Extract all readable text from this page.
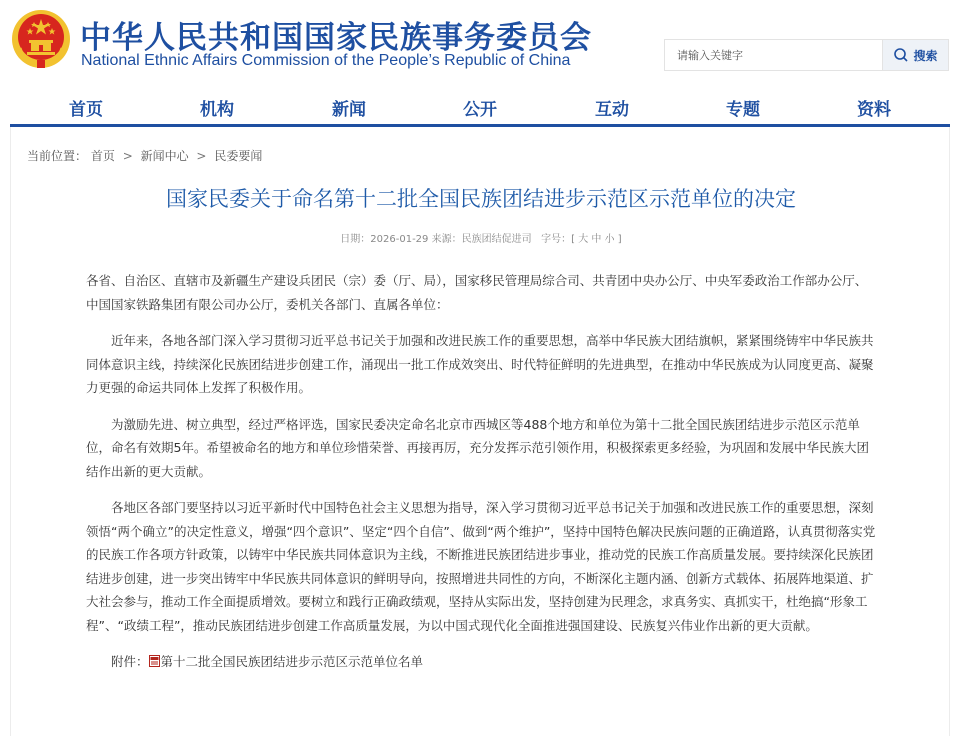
中华人民共和国国家民族事务委员会
National Ethnic Affairs Commission of the People’s Republic of China
请输入关键字	搜索
首页	机构	新闻	公开	互动	专题	资料
当前位置： 首页 > 新闻中心 > 民委要闻
国家民委关于命名第十二批全国民族团结进步示范区示范单位的决定
日期：2026-01-29 来源：民族团结促进司 字号：[ 大 中 小 ]

各省、自治区、直辖市及新疆生产建设兵团民（宗）委（厅、局），国家移民管理局综合司、共青团中央办公厅、中央军委政治工作部办公厅、中国国家铁路集团有限公司办公厅，委机关各部门、直属各单位：

近年来，各地各部门深入学习贯彻习近平总书记关于加强和改进民族工作的重要思想，高举中华民族大团结旗帜，紧紧围绕铸牢中华民族共同体意识主线，持续深化民族团结进步创建工作，涌现出一批工作成效突出、时代特征鲜明的先进典型，在推动中华民族成为认同度更高、凝聚力更强的命运共同体上发挥了积极作用。

为激励先进、树立典型，经过严格评选，国家民委决定命名北京市西城区等488个地方和单位为第十二批全国民族团结进步示范区示范单位，命名有效期5年。希望被命名的地方和单位珍惜荣誉、再接再厉，充分发挥示范引领作用，积极探索更多经验，为巩固和发展中华民族大团结作出新的更大贡献。

各地区各部门要坚持以习近平新时代中国特色社会主义思想为指导，深入学习贯彻习近平总书记关于加强和改进民族工作的重要思想，深刻领悟“两个确立”的决定性意义，增强“四个意识”、坚定“四个自信”、做到“两个维护”，坚持中国特色解决民族问题的正确道路，认真贯彻落实党的民族工作各项方针政策，以铸牢中华民族共同体意识为主线，不断推进民族团结进步事业，推动党的民族工作高质量发展。要持续深化民族团结进步创建，进一步突出铸牢中华民族共同体意识的鲜明导向，按照增进共同性的方向，不断深化主题内涵、创新方式载体、拓展阵地渠道、扩大社会参与，推动工作全面提质增效。要树立和践行正确政绩观，坚持从实际出发，坚持创建为民理念，求真务实、真抓实干，杜绝搞“形象工程”、“政绩工程”，推动民族团结进步创建工作高质量发展，为以中国式现代化全面推进强国建设、民族复兴伟业作出新的更大贡献。

附件： 第十二批全国民族团结进步示范区示范单位名单
